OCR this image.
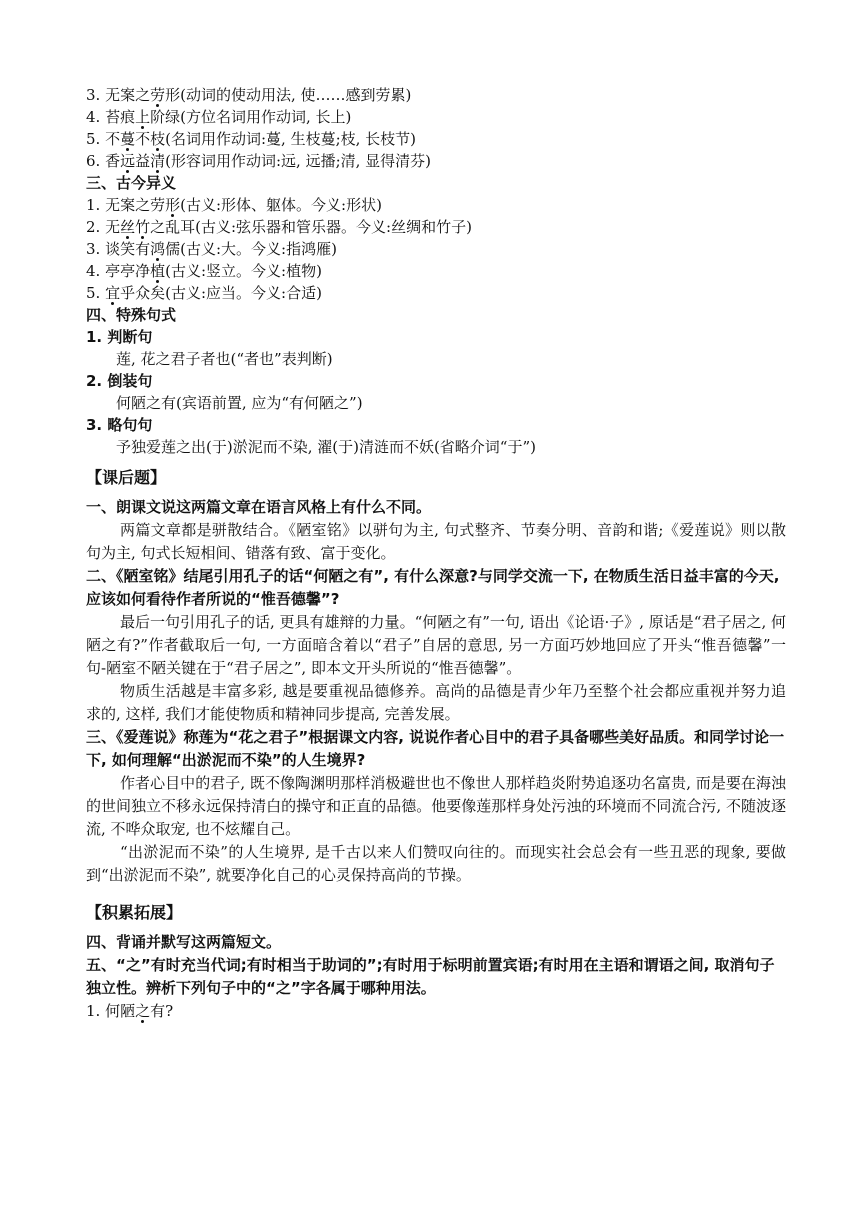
3. 无案之劳形(动词的使动用法, 使……感到劳累)
4. 苔痕上阶绿(方位名词用作动词, 长上)
5. 不蔓不枝(名词用作动词:蔓, 生枝蔓;枝, 长枝节)
6. 香远益清(形容词用作动词:远, 远播;清, 显得清芬)
三、古今异义
1. 无案之劳形(古义:形体、躯体。今义:形状)
2. 无丝竹之乱耳(古义:弦乐器和管乐器。今义:丝绸和竹子)
3. 谈笑有鸿儒(古义:大。今义:指鸿雁)
4. 亭亭净植(古义:竖立。今义:植物)
5. 宜乎众矣(古义:应当。今义:合适)
四、特殊句式
1. 判断句
莲, 花之君子者也(“者也”表判断)
2. 倒装句
何陋之有(宾语前置, 应为“有何陋之”)
3. 略句句
予独爱莲之出(于)淤泥而不染, 濯(于)清涟而不妖(省略介词“于”)
【课后题】

一、朗课文说这两篇文章在语言风格上有什么不同。

两篇文章都是骈散结合。《陋室铭》以骈句为主, 句式整齐、节奏分明、音韵和谐;《爱莲说》则以散句为主, 句式长短相间、错落有致、富于变化。

二、《陋室铭》结尾引用孔子的话“何陋之有”, 有什么深意?与同学交流一下, 在物质生活日益丰富的今天, 应该如何看待作者所说的“惟吾德馨”?

最后一句引用孔子的话, 更具有雄辩的力量。“何陋之有”一句, 语出《论语·子》, 原话是“君子居之, 何陋之有?”作者截取后一句, 一方面暗含着以“君子”自居的意思, 另一方面巧妙地回应了开头“惟吾德馨”一句-陋室不陋关键在于“君子居之”, 即本文开头所说的“惟吾德馨”。

物质生活越是丰富多彩, 越是要重视品德修养。高尚的品德是青少年乃至整个社会都应重视并努力追求的, 这样, 我们才能使物质和精神同步提高, 完善发展。

三、《爱莲说》称莲为“花之君子”根据课文内容, 说说作者心目中的君子具备哪些美好品质。和同学讨论一下, 如何理解“出淤泥而不染”的人生境界?

作者心目中的君子, 既不像陶渊明那样消极避世也不像世人那样趋炎附势追逐功名富贵, 而是要在海浊的世间独立不移永远保持清白的操守和正直的品德。他要像莲那样身处污浊的环境而不同流合污, 不随波逐流, 不哗众取宠, 也不炫耀自己。

“出淤泥而不染”的人生境界, 是千古以来人们赞叹向往的。而现实社会总会有一些丑恶的现象, 要做到“出淤泥而不染”, 就要净化自己的心灵保持高尚的节操。

【积累拓展】

四、背诵并默写这两篇短文。

五、“之”有时充当代词;有时相当于助词的”;有时用于标明前置宾语;有时用在主语和谓语之间, 取消句子独立性。辨析下列句子中的“之”字各属于哪种用法。

1. 何陋之有?
